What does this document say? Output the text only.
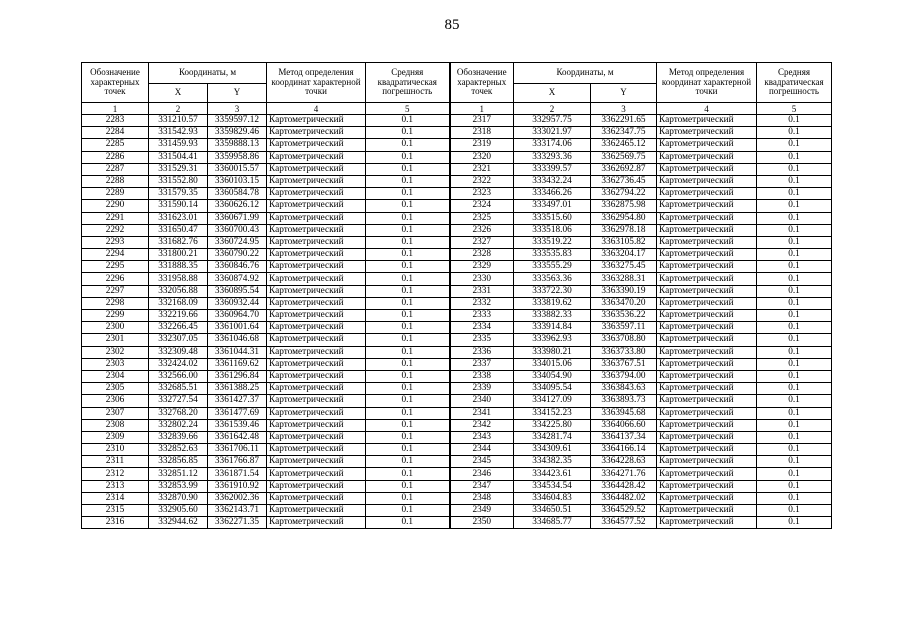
85
Обозначение характерных точек	Координаты, м		Метод определения координат характерной точки	Средняя квадратическая погрешность	Обозначение характерных точек	Координаты, м		Метод определения координат характерной точки	Средняя квадратическая погрешность
	X	Y				X	Y		
1	2	3	4	5	1	2	3	4	5
2283	331210.57	3359597.12	Картометрический	0.1	2317	332957.75	3362291.65	Картометрический	0.1
2284	331542.93	3359829.46	Картометрический	0.1	2318	333021.97	3362347.75	Картометрический	0.1
2285	331459.93	3359888.13	Картометрический	0.1	2319	333174.06	3362465.12	Картометрический	0.1
2286	331504.41	3359958.86	Картометрический	0.1	2320	333293.36	3362569.75	Картометрический	0.1
2287	331529.31	3360015.57	Картометрический	0.1	2321	333399.57	3362692.87	Картометрический	0.1
2288	331552.80	3360103.15	Картометрический	0.1	2322	333432.24	3362736.45	Картометрический	0.1
2289	331579.35	3360584.78	Картометрический	0.1	2323	333466.26	3362794.22	Картометрический	0.1
2290	331590.14	3360626.12	Картометрический	0.1	2324	333497.01	3362875.98	Картометрический	0.1
2291	331623.01	3360671.99	Картометрический	0.1	2325	333515.60	3362954.80	Картометрический	0.1
2292	331650.47	3360700.43	Картометрический	0.1	2326	333518.06	3362978.18	Картометрический	0.1
2293	331682.76	3360724.95	Картометрический	0.1	2327	333519.22	3363105.82	Картометрический	0.1
2294	331800.21	3360790.22	Картометрический	0.1	2328	333535.83	3363204.17	Картометрический	0.1
2295	331888.35	3360846.76	Картометрический	0.1	2329	333555.29	3363275.45	Картометрический	0.1
2296	331958.88	3360874.92	Картометрический	0.1	2330	333563.36	3363288.31	Картометрический	0.1
2297	332056.88	3360895.54	Картометрический	0.1	2331	333722.30	3363390.19	Картометрический	0.1
2298	332168.09	3360932.44	Картометрический	0.1	2332	333819.62	3363470.20	Картометрический	0.1
2299	332219.66	3360964.70	Картометрический	0.1	2333	333882.33	3363536.22	Картометрический	0.1
2300	332266.45	3361001.64	Картометрический	0.1	2334	333914.84	3363597.11	Картометрический	0.1
2301	332307.05	3361046.68	Картометрический	0.1	2335	333962.93	3363708.80	Картометрический	0.1
2302	332309.48	3361044.31	Картометрический	0.1	2336	333980.21	3363733.80	Картометрический	0.1
2303	332424.02	3361169.62	Картометрический	0.1	2337	334015.06	3363767.51	Картометрический	0.1
2304	332566.00	3361296.84	Картометрический	0.1	2338	334054.90	3363794.00	Картометрический	0.1
2305	332685.51	3361388.25	Картометрический	0.1	2339	334095.54	3363843.63	Картометрический	0.1
2306	332727.54	3361427.37	Картометрический	0.1	2340	334127.09	3363893.73	Картометрический	0.1
2307	332768.20	3361477.69	Картометрический	0.1	2341	334152.23	3363945.68	Картометрический	0.1
2308	332802.24	3361539.46	Картометрический	0.1	2342	334225.80	3364066.60	Картометрический	0.1
2309	332839.66	3361642.48	Картометрический	0.1	2343	334281.74	3364137.34	Картометрический	0.1
2310	332852.63	3361706.11	Картометрический	0.1	2344	334309.61	3364166.14	Картометрический	0.1
2311	332856.85	3361766.87	Картометрический	0.1	2345	334382.35	3364228.63	Картометрический	0.1
2312	332851.12	3361871.54	Картометрический	0.1	2346	334423.61	3364271.76	Картометрический	0.1
2313	332853.99	3361910.92	Картометрический	0.1	2347	334534.54	3364428.42	Картометрический	0.1
2314	332870.90	3362002.36	Картометрический	0.1	2348	334604.83	3364482.02	Картометрический	0.1
2315	332905.60	3362143.71	Картометрический	0.1	2349	334650.51	3364529.52	Картометрический	0.1
2316	332944.62	3362271.35	Картометрический	0.1	2350	334685.77	3364577.52	Картометрический	0.1
